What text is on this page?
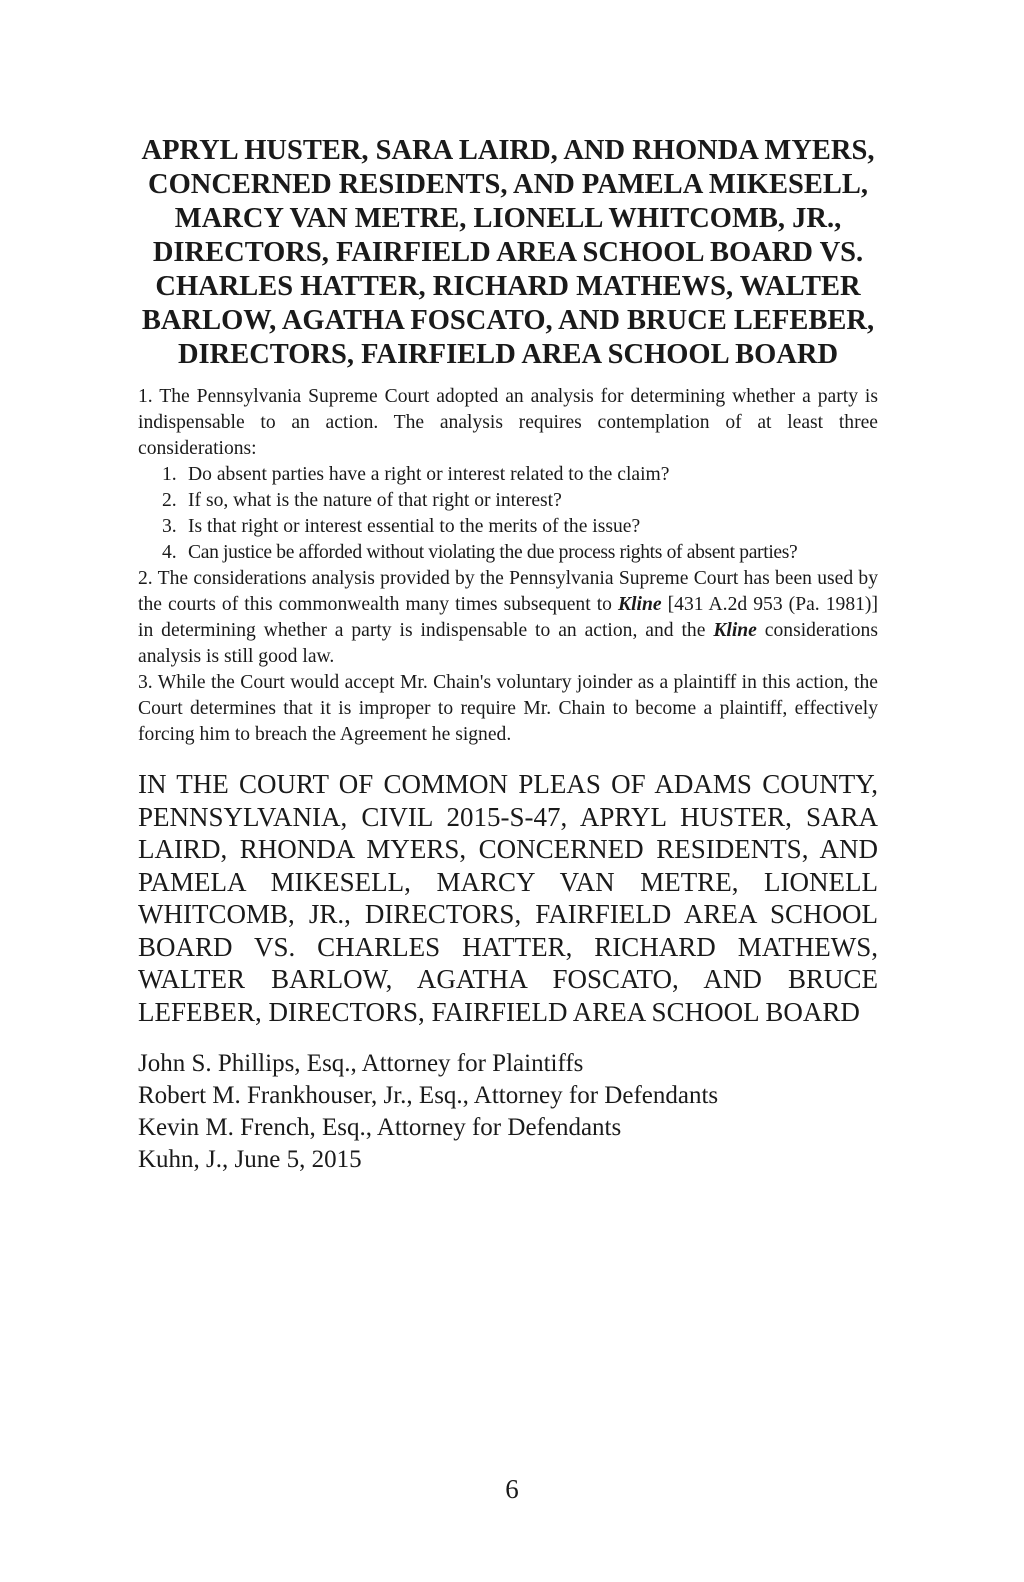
APRYL HUSTER, SARA LAIRD, AND RHONDA MYERS,
CONCERNED RESIDENTS, AND PAMELA MIKESELL,
MARCY VAN METRE, LIONELL WHITCOMB, JR.,
DIRECTORS, FAIRFIELD AREA SCHOOL BOARD VS.
CHARLES HATTER, RICHARD MATHEWS, WALTER
BARLOW, AGATHA FOSCATO, AND BRUCE LEFEBER,
DIRECTORS, FAIRFIELD AREA SCHOOL BOARD

1. The Pennsylvania Supreme Court adopted an analysis for determining whether a party is indispensable to an action. The analysis requires contemplation of at least three considerations:

1. Do absent parties have a right or interest related to the claim?
2. If so, what is the nature of that right or interest?
3. Is that right or interest essential to the merits of the issue?
4. Can justice be afforded without violating the due process rights of absent parties?

2. The considerations analysis provided by the Pennsylvania Supreme Court has been used by the courts of this commonwealth many times subsequent to Kline [431 A.2d 953 (Pa. 1981)] in determining whether a party is indispensable to an action, and the Kline considerations analysis is still good law.

3. While the Court would accept Mr. Chain's voluntary joinder as a plaintiff in this action, the Court determines that it is improper to require Mr. Chain to become a plaintiff, effectively forcing him to breach the Agreement he signed.

IN THE COURT OF COMMON PLEAS OF ADAMS COUNTY, PENNSYLVANIA, CIVIL 2015-S-47, APRYL HUSTER, SARA LAIRD, RHONDA MYERS, CONCERNED RESIDENTS, AND PAMELA MIKESELL, MARCY VAN METRE, LIONELL WHITCOMB, JR., DIRECTORS, FAIRFIELD AREA SCHOOL BOARD VS. CHARLES HATTER, RICHARD MATHEWS, WALTER BARLOW, AGATHA FOSCATO, AND BRUCE LEFEBER, DIRECTORS, FAIRFIELD AREA SCHOOL BOARD
John S. Phillips, Esq., Attorney for Plaintiffs
Robert M. Frankhouser, Jr., Esq., Attorney for Defendants
Kevin M. French, Esq., Attorney for Defendants
Kuhn, J., June 5, 2015
6
